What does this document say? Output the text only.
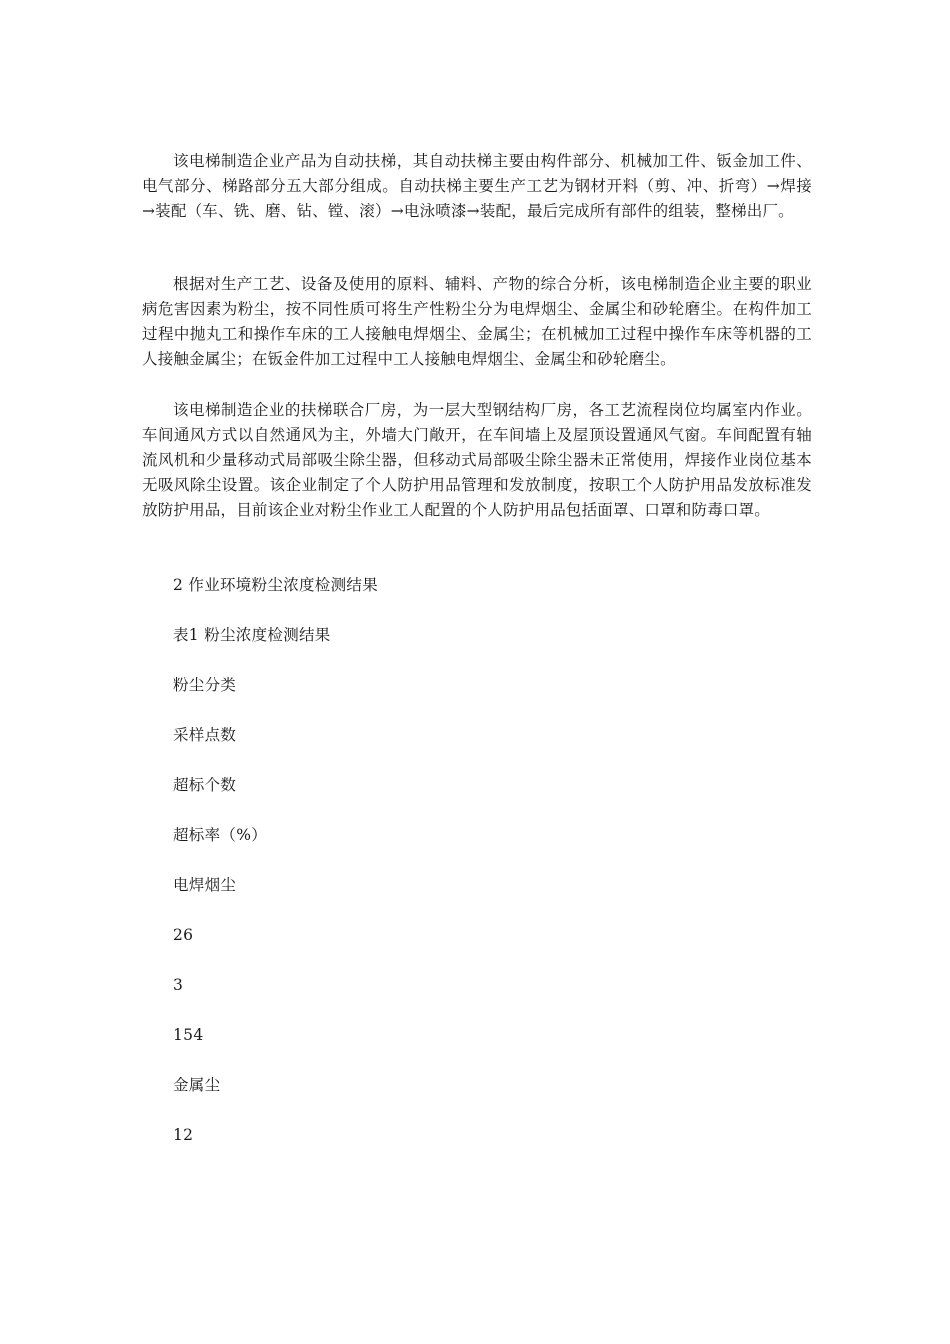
该电梯制造企业产品为自动扶梯，其自动扶梯主要由构件部分、机械加工件、钣金加工件、电气部分、梯路部分五大部分组成。自动扶梯主要生产工艺为钢材开料（剪、冲、折弯）→焊接→装配（车、铣、磨、钻、镗、滚）→电泳喷漆→装配，最后完成所有部件的组装，整梯出厂。

根据对生产工艺、设备及使用的原料、辅料、产物的综合分析，该电梯制造企业主要的职业病危害因素为粉尘，按不同性质可将生产性粉尘分为电焊烟尘、金属尘和砂轮磨尘。在构件加工过程中抛丸工和操作车床的工人接触电焊烟尘、金属尘；在机械加工过程中操作车床等机器的工人接触金属尘；在钣金件加工过程中工人接触电焊烟尘、金属尘和砂轮磨尘。

该电梯制造企业的扶梯联合厂房，为一层大型钢结构厂房，各工艺流程岗位均属室内作业。车间通风方式以自然通风为主，外墙大门敞开，在车间墙上及屋顶设置通风气窗。车间配置有轴流风机和少量移动式局部吸尘除尘器，但移动式局部吸尘除尘器未正常使用，焊接作业岗位基本无吸风除尘设置。该企业制定了个人防护用品管理和发放制度，按职工个人防护用品发放标准发放防护用品，目前该企业对粉尘作业工人配置的个人防护用品包括面罩、口罩和防毒口罩。

2 作业环境粉尘浓度检测结果

表1 粉尘浓度检测结果

粉尘分类

采样点数

超标个数

超标率（%）

电焊烟尘

26

3

154

金属尘

12
